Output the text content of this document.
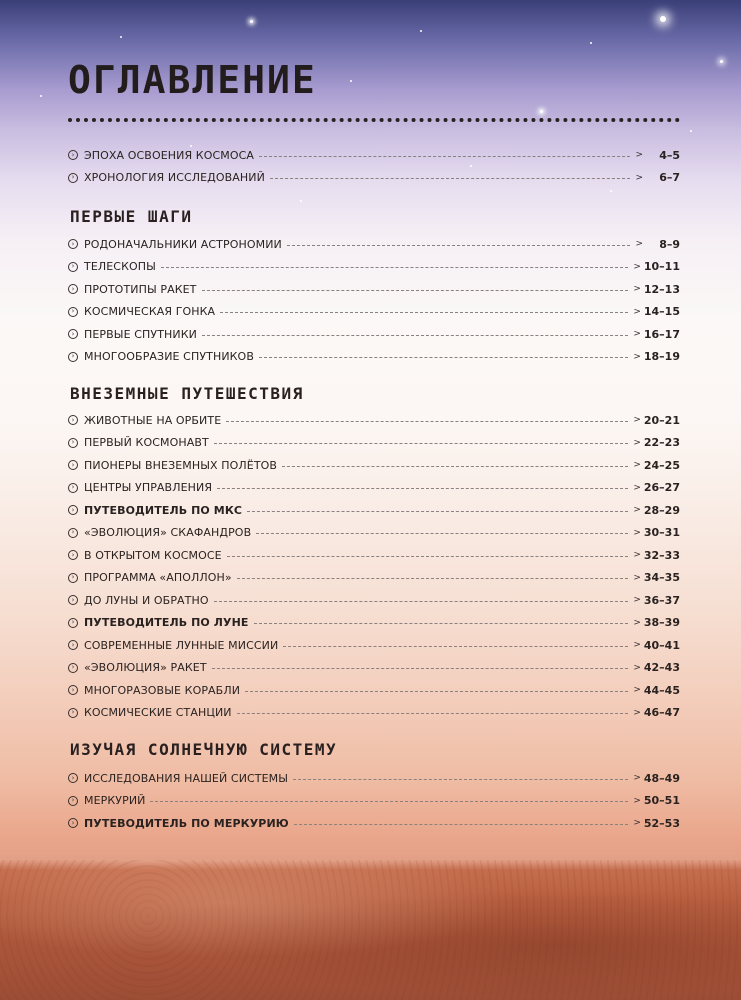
ОГЛАВЛЕНИЕ
› ЭПОХА ОСВОЕНИЯ КОСМОСА	>	4–5
› ХРОНОЛОГИЯ ИССЛЕДОВАНИЙ	>	6–7
ПЕРВЫЕ ШАГИ
› РОДОНАЧАЛЬНИКИ АСТРОНОМИИ	>	8–9
› ТЕЛЕСКОПЫ	> 10–11
› ПРОТОТИПЫ РАКЕТ	> 12–13
› КОСМИЧЕСКАЯ ГОНКА	> 14–15
› ПЕРВЫЕ СПУТНИКИ	> 16–17
› МНОГООБРАЗИЕ СПУТНИКОВ	> 18–19
ВНЕЗЕМНЫЕ ПУТЕШЕСТВИЯ
› ЖИВОТНЫЕ НА ОРБИТЕ	> 20–21
› ПЕРВЫЙ КОСМОНАВТ	> 22–23
› ПИОНЕРЫ ВНЕЗЕМНЫХ ПОЛЁТОВ	> 24–25
› ЦЕНТРЫ УПРАВЛЕНИЯ	> 26–27
› ПУТЕВОДИТЕЛЬ ПО МКС	> 28–29
› «ЭВОЛЮЦИЯ» СКАФАНДРОВ	> 30–31
› В ОТКРЫТОМ КОСМОСЕ	> 32–33
› ПРОГРАММА «АПОЛЛОН»	> 34–35
› ДО ЛУНЫ И ОБРАТНО	> 36–37
› ПУТЕВОДИТЕЛЬ ПО ЛУНЕ	> 38–39
› СОВРЕМЕННЫЕ ЛУННЫЕ МИССИИ	> 40–41
› «ЭВОЛЮЦИЯ» РАКЕТ	> 42–43
› МНОГОРАЗОВЫЕ КОРАБЛИ	> 44–45
› КОСМИЧЕСКИЕ СТАНЦИИ	> 46–47
ИЗУЧАЯ СОЛНЕЧНУЮ СИСТЕМУ
› ИССЛЕДОВАНИЯ НАШЕЙ СИСТЕМЫ	> 48–49
› МЕРКУРИЙ	> 50–51
› ПУТЕВОДИТЕЛЬ ПО МЕРКУРИЮ	> 52–53
